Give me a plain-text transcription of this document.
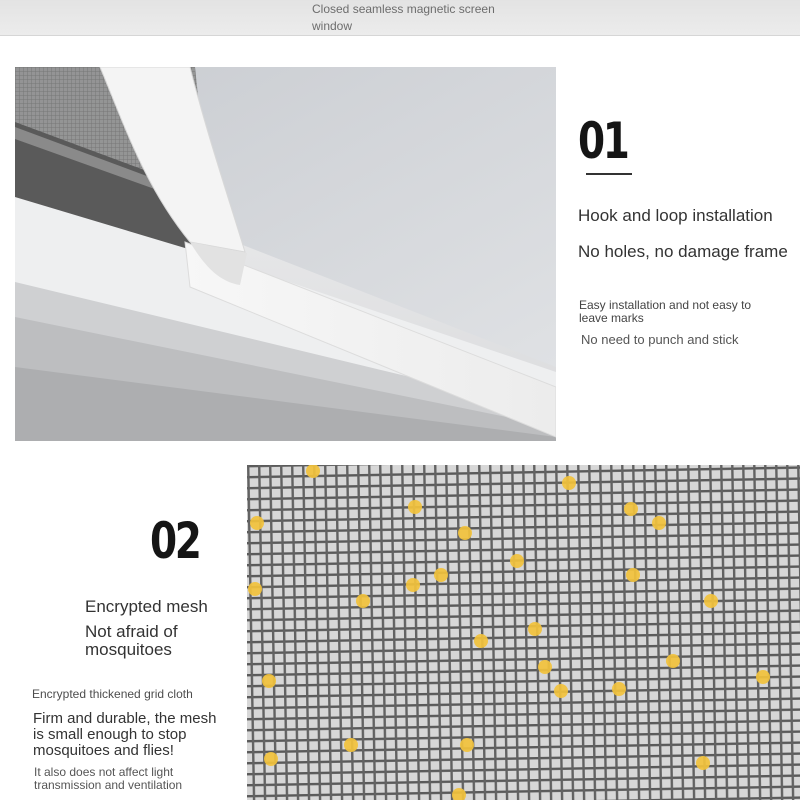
Closed seamless magnetic screen window
01
Hook and loop installation
No holes, no damage frame
Easy installation and not easy to leave marks
No need to punch and stick
02
Encrypted mesh
Not afraid of mosquitoes
Encrypted thickened grid cloth
Firm and durable, the mesh is small enough to stop mosquitoes and flies!
It also does not affect light transmission and ventilation
